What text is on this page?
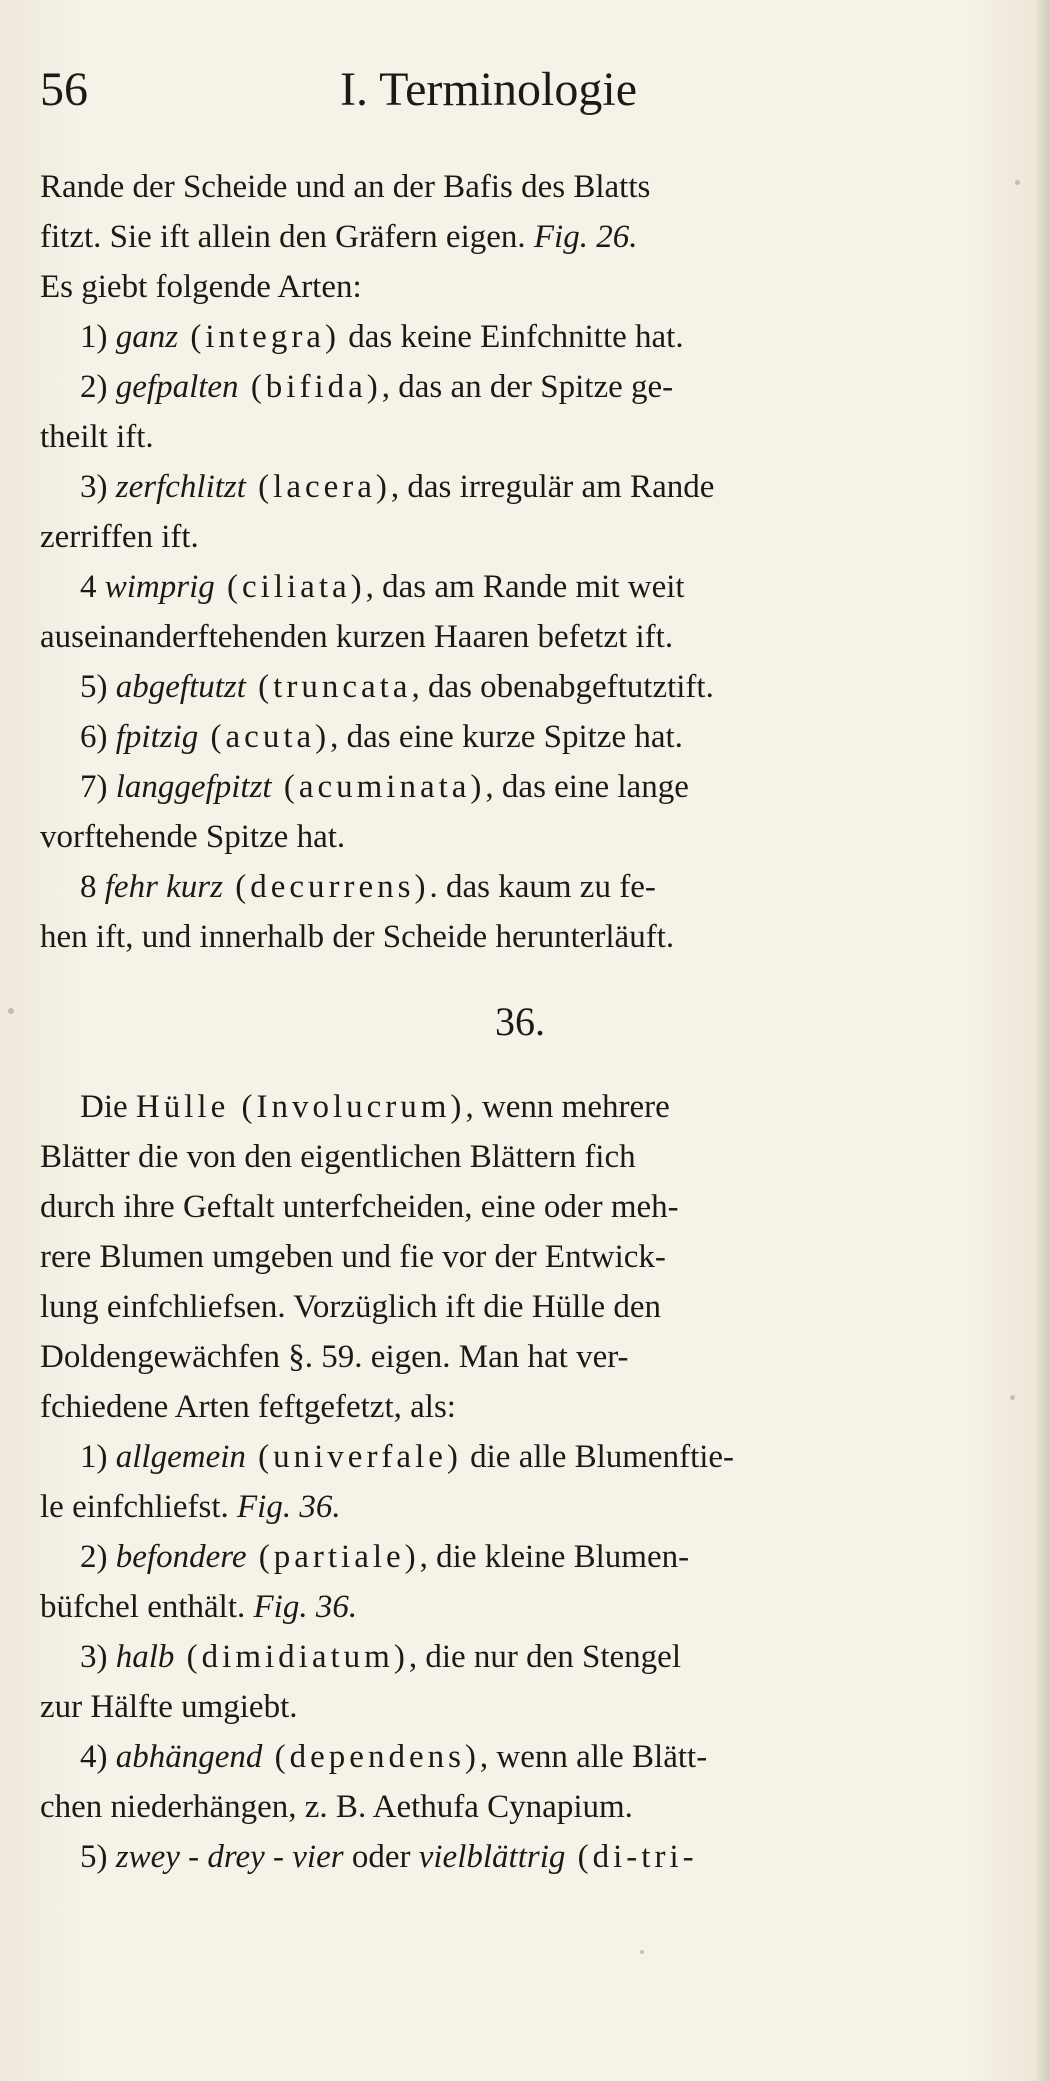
56	I. Terminologie
Rande der Scheide und an der Bafis des Blatts
fitzt. Sie ift allein den Gräfern eigen. Fig. 26.
Es giebt folgende Arten:
1) ganz (integra) das keine Einfchnitte hat.
2) gefpalten (bifida), das an der Spitze ge-
theilt ift.
3) zerfchlitzt (lacera), das irregulär am Rande
zerriffen ift.
4 wimprig (ciliata), das am Rande mit weit
auseinanderftehenden kurzen Haaren befetzt ift.
5) abgeftutzt (truncata, das obenabgeftutztift.
6) fpitzig (acuta), das eine kurze Spitze hat.
7) langgefpitzt (acuminata), das eine lange
vorftehende Spitze hat.
8 fehr kurz (decurrens). das kaum zu fe-
hen ift, und innerhalb der Scheide herunterläuft.
36.
Die Hülle (Involucrum), wenn mehrere
Blätter die von den eigentlichen Blättern fich
durch ihre Geftalt unterfcheiden, eine oder meh-
rere Blumen umgeben und fie vor der Entwick-
lung einfchliefsen. Vorzüglich ift die Hülle den
Doldengewächfen §. 59. eigen. Man hat ver-
fchiedene Arten feftgefetzt, als:
1) allgemein (univerfale) die alle Blumenftie-
le einfchliefst. Fig. 36.
2) befondere (partiale), die kleine Blumen-
büfchel enthält. Fig. 36.
3) halb (dimidiatum), die nur den Stengel
zur Hälfte umgiebt.
4) abhängend (dependens), wenn alle Blätt-
chen niederhängen, z. B. Aethufa Cynapium.
5) zwey - drey - vier oder vielblättrig (di-tri-
